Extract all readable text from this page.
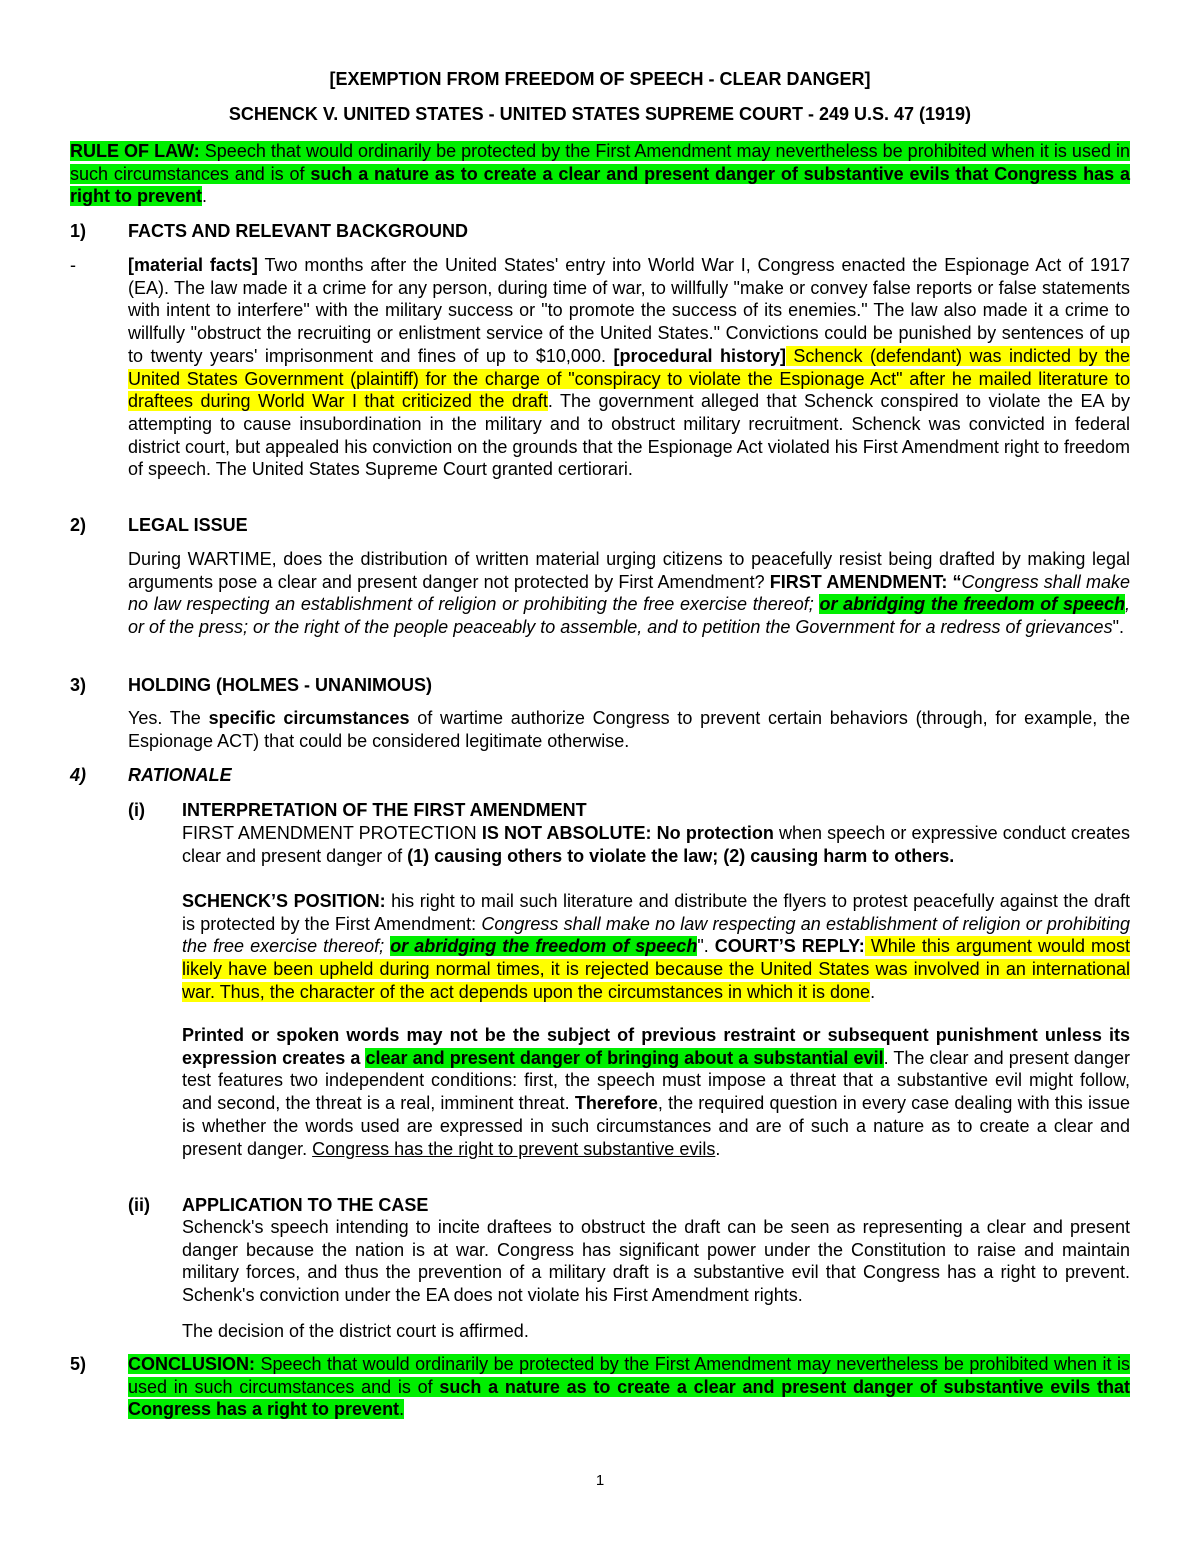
[EXEMPTION FROM FREEDOM OF SPEECH - CLEAR DANGER]
SCHENCK V. UNITED STATES - UNITED STATES SUPREME COURT - 249 U.S. 47 (1919)
RULE OF LAW: Speech that would ordinarily be protected by the First Amendment may nevertheless be prohibited when it is used in such circumstances and is of such a nature as to create a clear and present danger of substantive evils that Congress has a right to prevent.
1) FACTS AND RELEVANT BACKGROUND
-	[material facts] Two months after the United States' entry into World War I, Congress enacted the Espionage Act of 1917 (EA). The law made it a crime for any person, during time of war, to willfully "make or convey false reports or false statements with intent to interfere" with the military success or "to promote the success of its enemies." The law also made it a crime to willfully "obstruct the recruiting or enlistment service of the United States." Convictions could be punished by sentences of up to twenty years' imprisonment and fines of up to $10,000. [procedural history] Schenck (defendant) was indicted by the United States Government (plaintiff) for the charge of "conspiracy to violate the Espionage Act" after he mailed literature to draftees during World War I that criticized the draft. The government alleged that Schenck conspired to violate the EA by attempting to cause insubordination in the military and to obstruct military recruitment. Schenck was convicted in federal district court, but appealed his conviction on the grounds that the Espionage Act violated his First Amendment right to freedom of speech. The United States Supreme Court granted certiorari.
2) LEGAL ISSUE
During WARTIME, does the distribution of written material urging citizens to peacefully resist being drafted by making legal arguments pose a clear and present danger not protected by First Amendment? FIRST AMENDMENT: “Congress shall make no law respecting an establishment of religion or prohibiting the free exercise thereof; or abridging the freedom of speech, or of the press; or the right of the people peaceably to assemble, and to petition the Government for a redress of grievances".
3) HOLDING (HOLMES - UNANIMOUS)
Yes. The specific circumstances of wartime authorize Congress to prevent certain behaviors (through, for example, the Espionage ACT) that could be considered legitimate otherwise.
4) RATIONALE
(i) INTERPRETATION OF THE FIRST AMENDMENT
FIRST AMENDMENT PROTECTION IS NOT ABSOLUTE: No protection when speech or expressive conduct creates clear and present danger of (1) causing others to violate the law; (2) causing harm to others.
SCHENCK’S POSITION: his right to mail such literature and distribute the flyers to protest peacefully against the draft is protected by the First Amendment: Congress shall make no law respecting an establishment of religion or prohibiting the free exercise thereof; or abridging the freedom of speech". COURT’S REPLY: While this argument would most likely have been upheld during normal times, it is rejected because the United States was involved in an international war. Thus, the character of the act depends upon the circumstances in which it is done.
Printed or spoken words may not be the subject of previous restraint or subsequent punishment unless its expression creates a clear and present danger of bringing about a substantial evil. The clear and present danger test features two independent conditions: first, the speech must impose a threat that a substantive evil might follow, and second, the threat is a real, imminent threat. Therefore, the required question in every case dealing with this issue is whether the words used are expressed in such circumstances and are of such a nature as to create a clear and present danger. Congress has the right to prevent substantive evils.
(ii) APPLICATION TO THE CASE
Schenck's speech intending to incite draftees to obstruct the draft can be seen as representing a clear and present danger because the nation is at war. Congress has significant power under the Constitution to raise and maintain military forces, and thus the prevention of a military draft is a substantive evil that Congress has a right to prevent. Schenk's conviction under the EA does not violate his First Amendment rights.
The decision of the district court is affirmed.
5) CONCLUSION: Speech that would ordinarily be protected by the First Amendment may nevertheless be prohibited when it is used in such circumstances and is of such a nature as to create a clear and present danger of substantive evils that Congress has a right to prevent.
1
